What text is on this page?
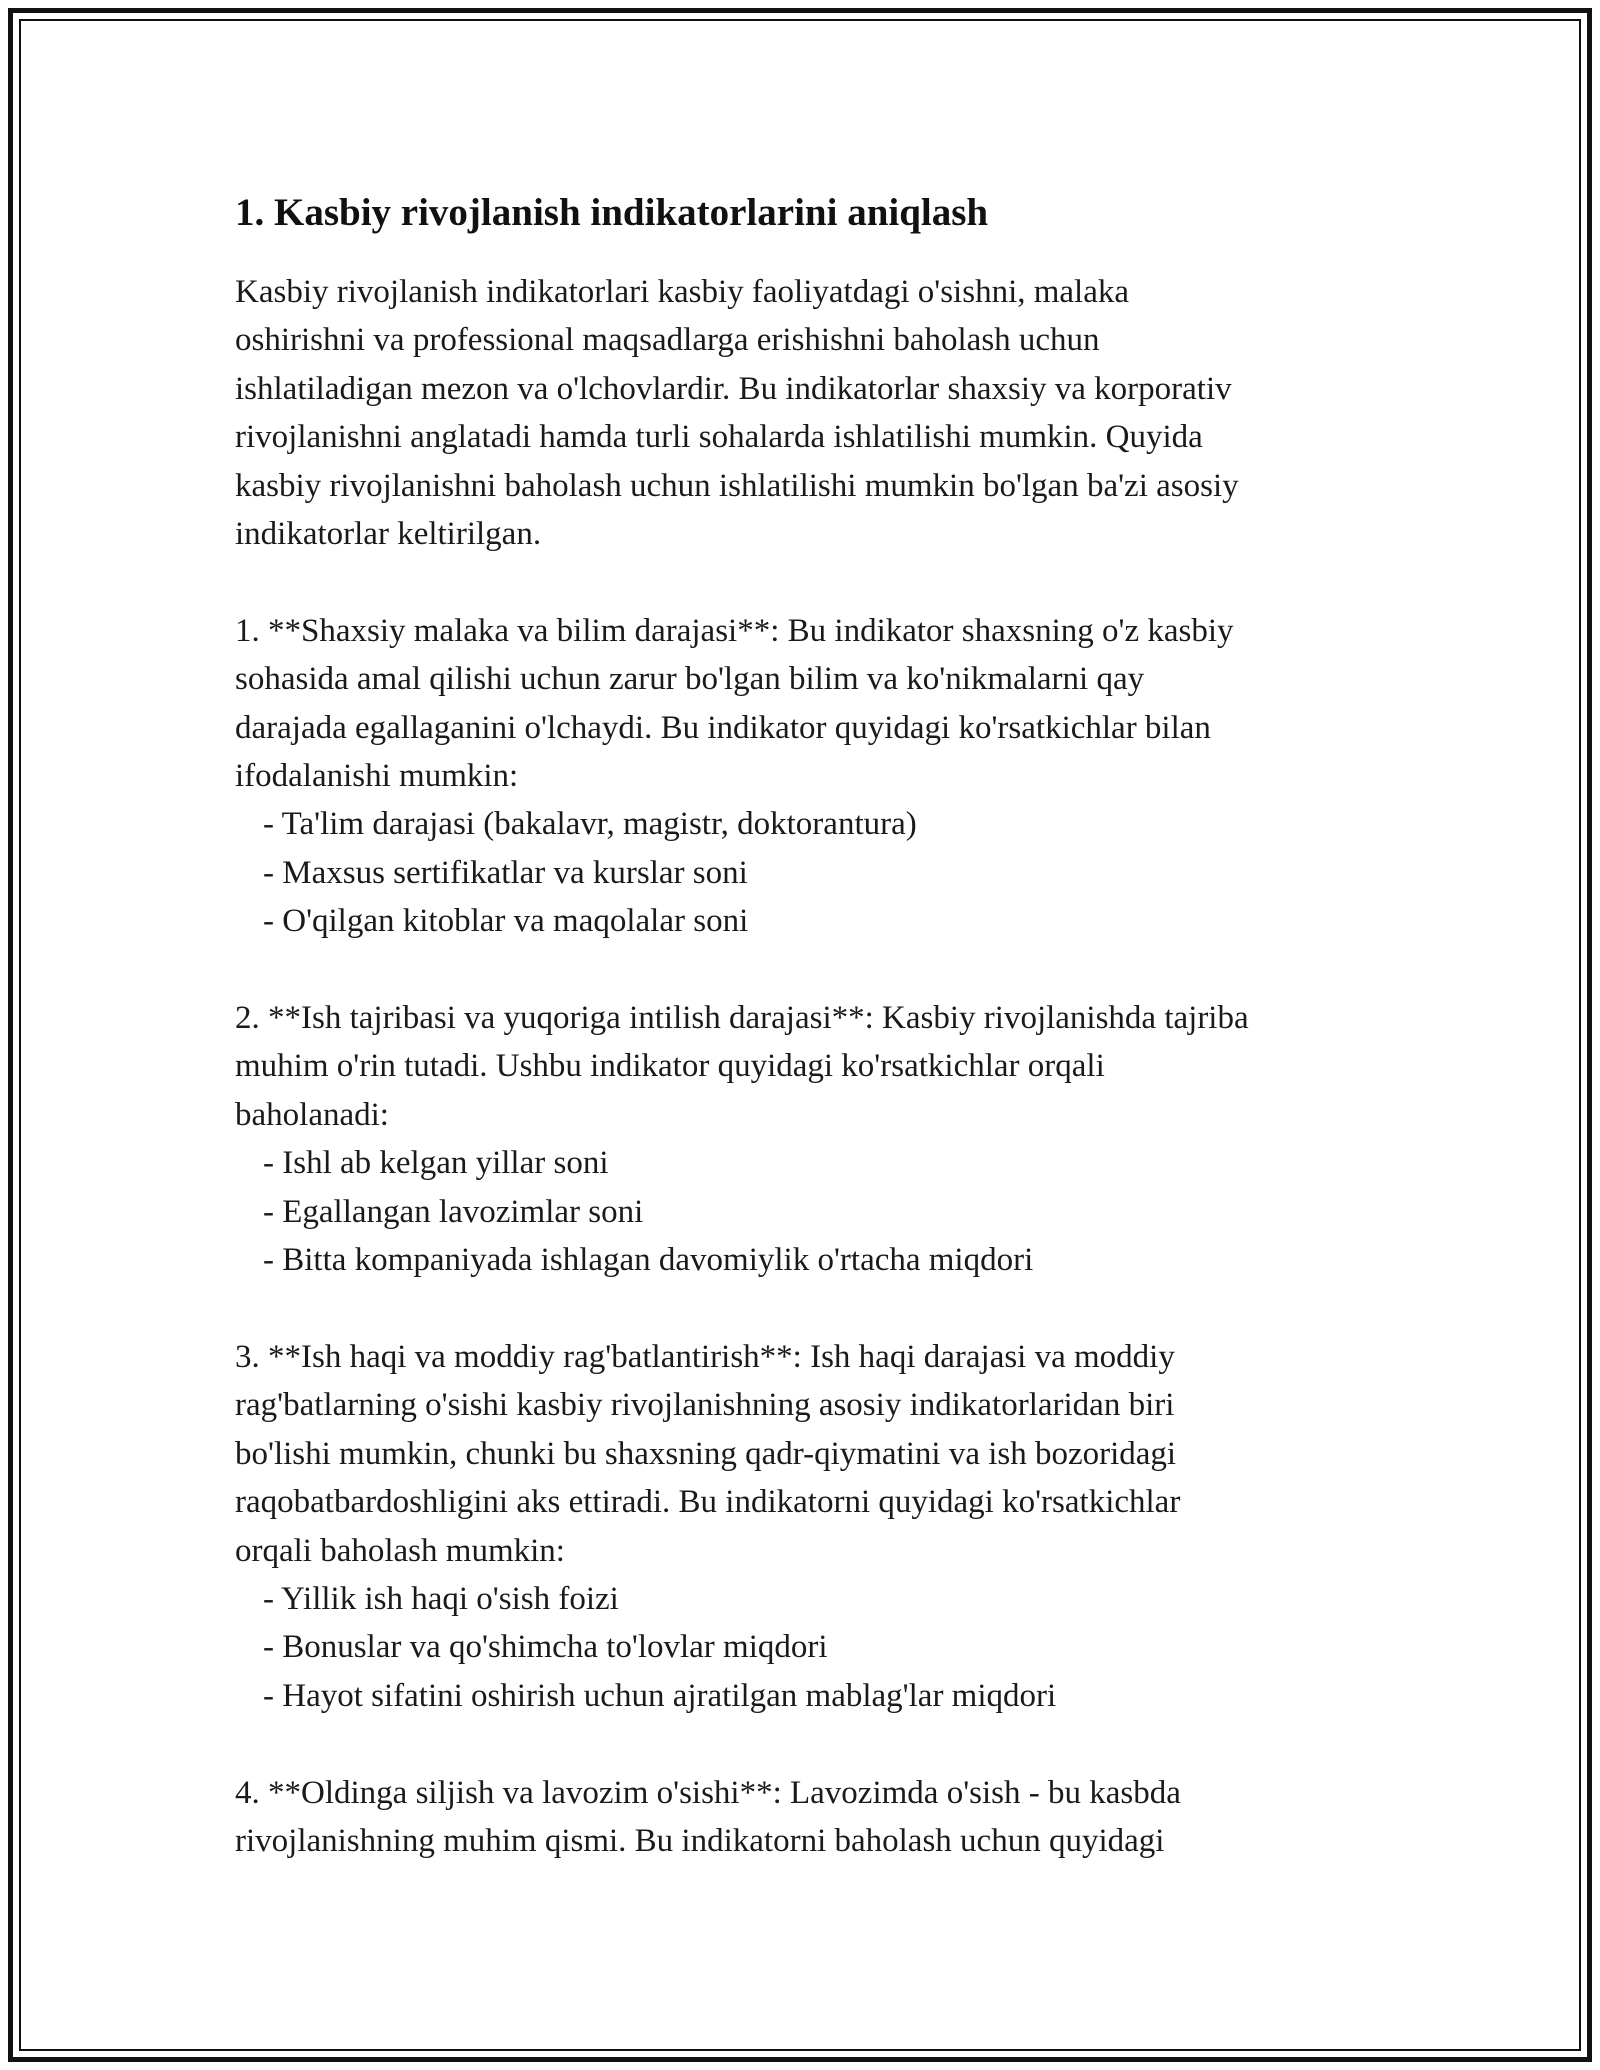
1. Kasbiy rivojlanish indikatorlarini aniqlash
Kasbiy rivojlanish indikatorlari kasbiy faoliyatdagi o'sishni, malaka
oshirishni va professional maqsadlarga erishishni baholash uchun
ishlatiladigan mezon va o'lchovlardir. Bu indikatorlar shaxsiy va korporativ
rivojlanishni anglatadi hamda turli sohalarda ishlatilishi mumkin. Quyida
kasbiy rivojlanishni baholash uchun ishlatilishi mumkin bo'lgan ba'zi asosiy
indikatorlar keltirilgan.
1. **Shaxsiy malaka va bilim darajasi**: Bu indikator shaxsning o'z kasbiy
sohasida amal qilishi uchun zarur bo'lgan bilim va ko'nikmalarni qay
darajada egallaganini o'lchaydi. Bu indikator quyidagi ko'rsatkichlar bilan
ifodalanishi mumkin:
- Ta'lim darajasi (bakalavr, magistr, doktorantura)
- Maxsus sertifikatlar va kurslar soni
- O'qilgan kitoblar va maqolalar soni
2. **Ish tajribasi va yuqoriga intilish darajasi**: Kasbiy rivojlanishda tajriba
muhim o'rin tutadi. Ushbu indikator quyidagi ko'rsatkichlar orqali
baholanadi:
- Ishl ab kelgan yillar soni
- Egallangan lavozimlar soni
- Bitta kompaniyada ishlagan davomiylik o'rtacha miqdori
3. **Ish haqi va moddiy rag'batlantirish**: Ish haqi darajasi va moddiy
rag'batlarning o'sishi kasbiy rivojlanishning asosiy indikatorlaridan biri
bo'lishi mumkin, chunki bu shaxsning qadr-qiymatini va ish bozoridagi
raqobatbardoshligini aks ettiradi. Bu indikatorni quyidagi ko'rsatkichlar
orqali baholash mumkin:
- Yillik ish haqi o'sish foizi
- Bonuslar va qo'shimcha to'lovlar miqdori
- Hayot sifatini oshirish uchun ajratilgan mablag'lar miqdori
4. **Oldinga siljish va lavozim o'sishi**: Lavozimda o'sish - bu kasbda
rivojlanishning muhim qismi. Bu indikatorni baholash uchun quyidagi
